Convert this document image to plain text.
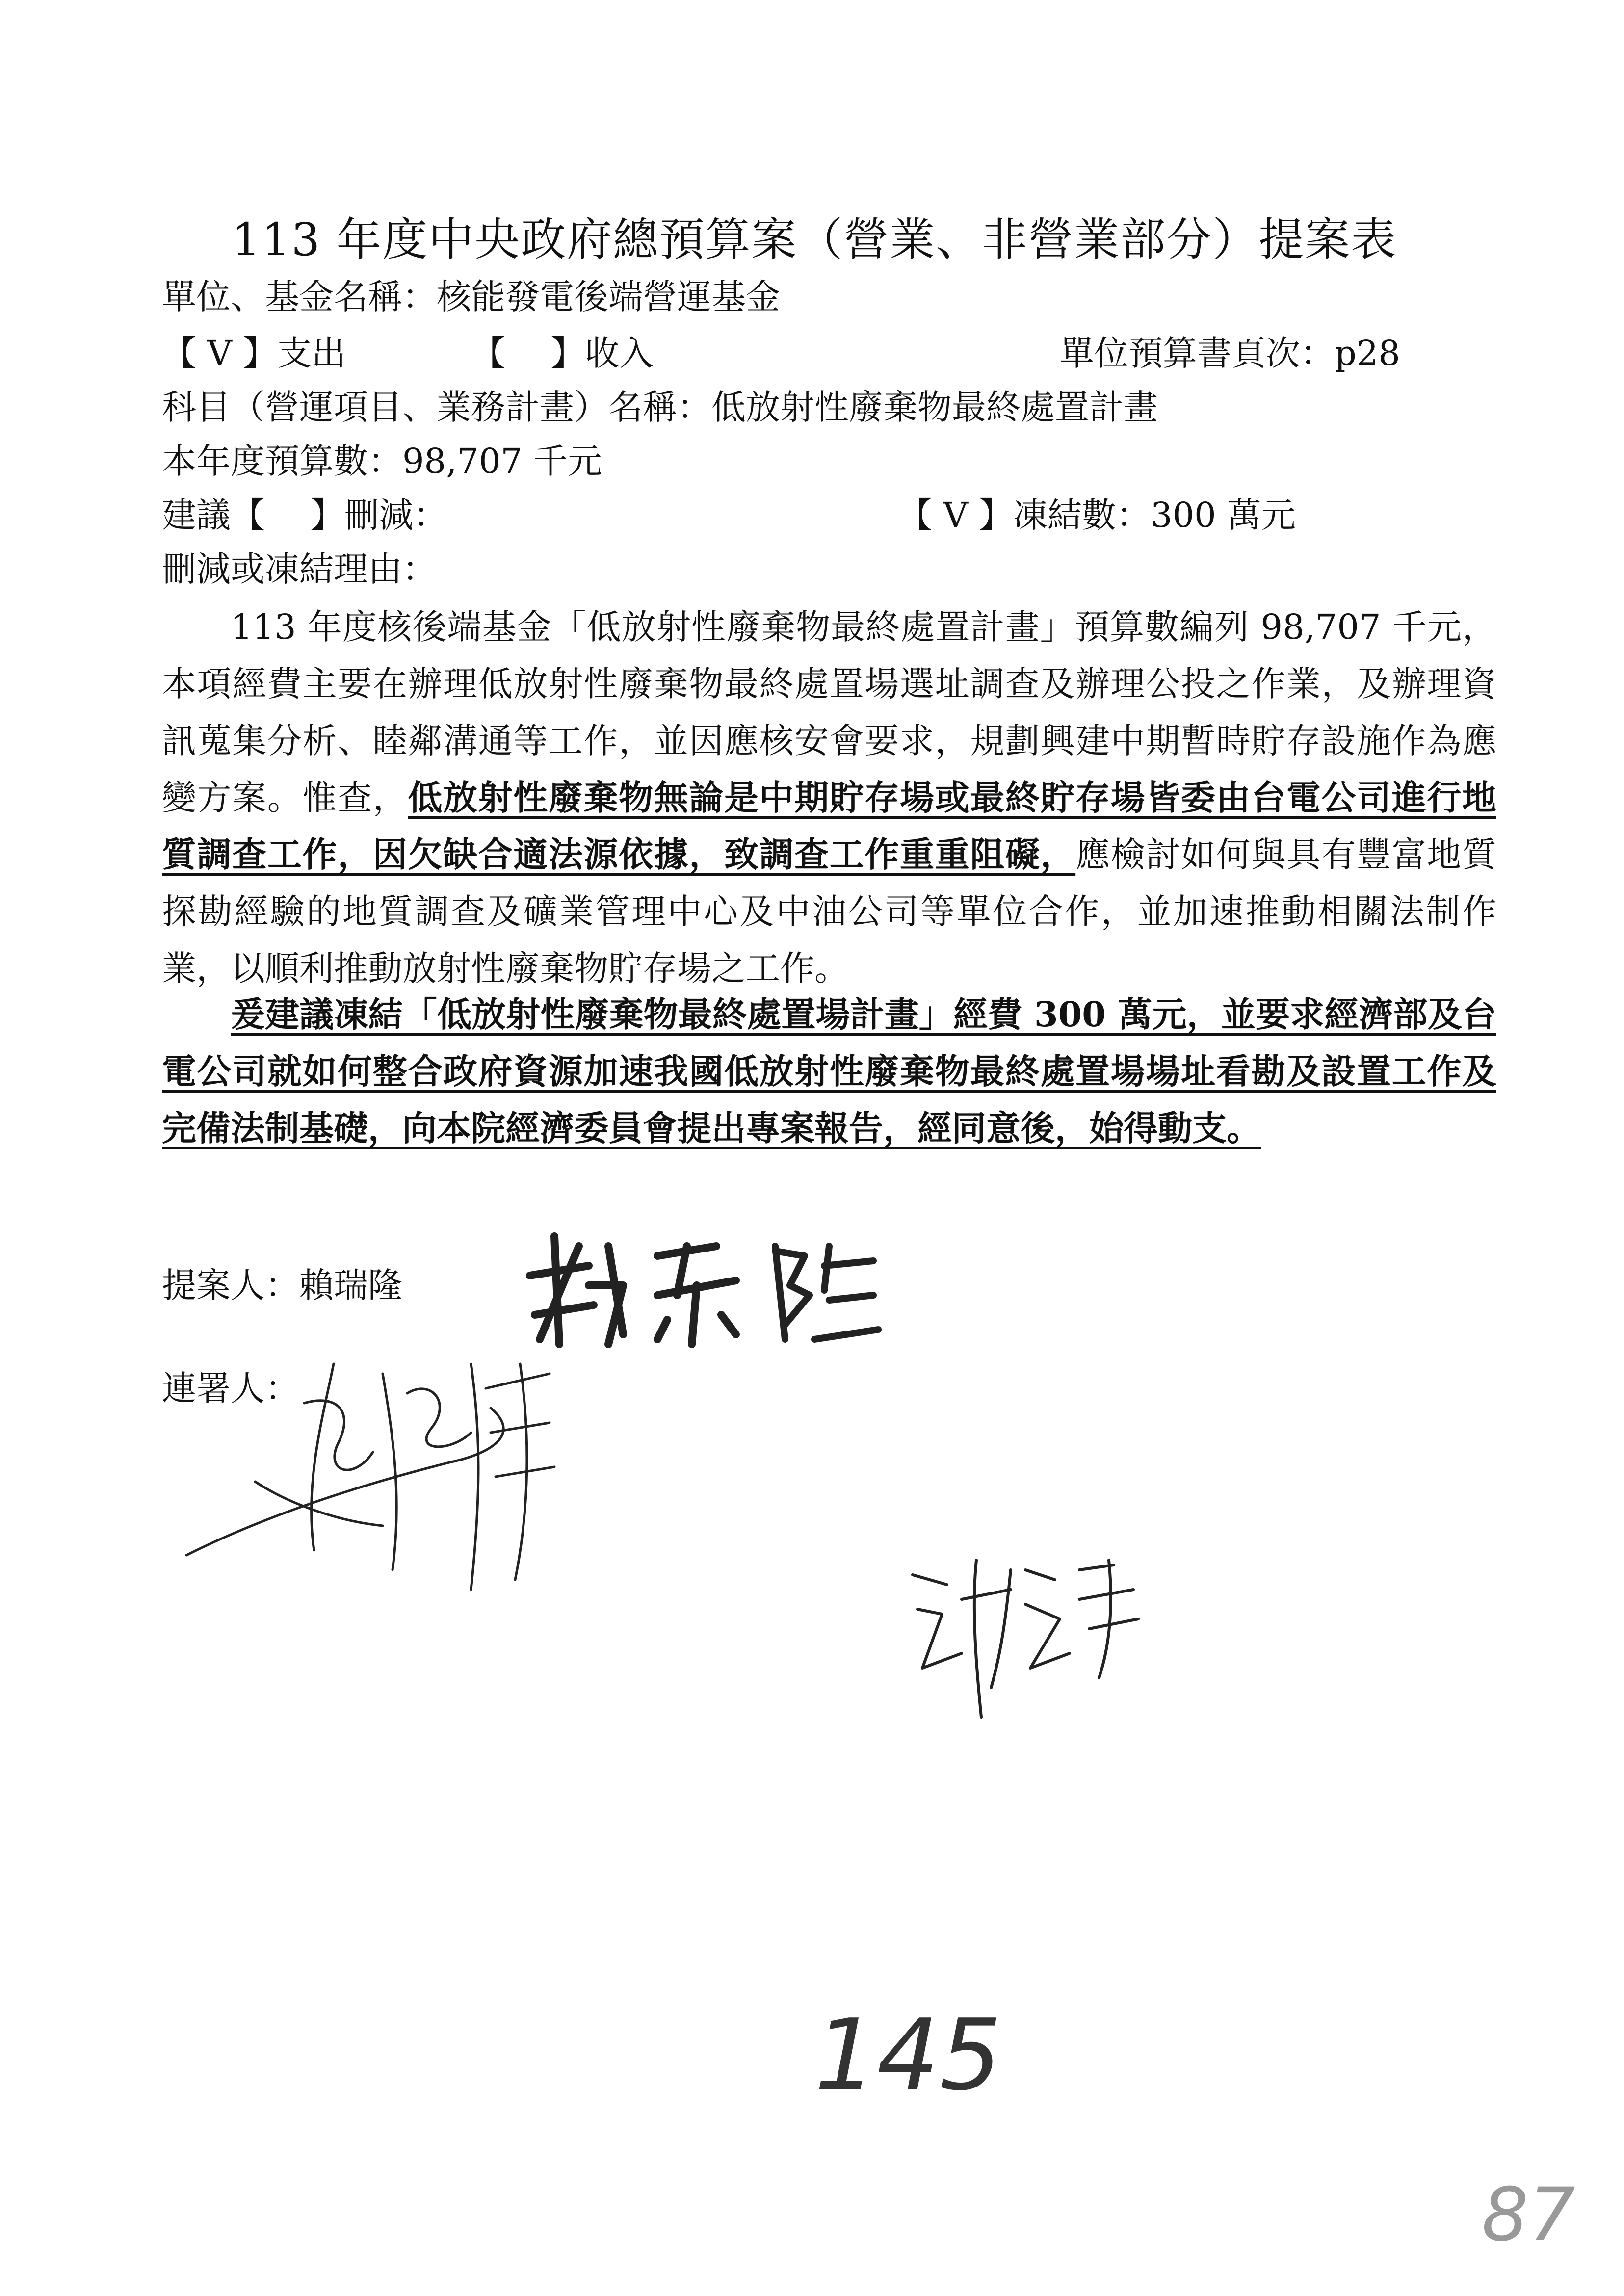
113 年度中央政府總預算案（營業、非營業部分）提案表
單位、基金名稱：核能發電後端營運基金
【 V 】支出	【　 】收入	單位預算書頁次：p28
科目（營運項目、業務計畫）名稱：低放射性廢棄物最終處置計畫
本年度預算數：98,707 千元
建議【　 】刪減：	【 V 】凍結數：300 萬元
刪減或凍結理由：
113 年度核後端基金「低放射性廢棄物最終處置計畫」預算數編列 98,707 千元，本項經費主要在辦理低放射性廢棄物最終處置場選址調查及辦理公投之作業，及辦理資訊蒐集分析、睦鄰溝通等工作，並因應核安會要求，規劃興建中期暫時貯存設施作為應變方案。惟查，低放射性廢棄物無論是中期貯存場或最終貯存場皆委由台電公司進行地質調查工作，因欠缺合適法源依據，致調查工作重重阻礙，應檢討如何與具有豐富地質探勘經驗的地質調查及礦業管理中心及中油公司等單位合作，並加速推動相關法制作業，以順利推動放射性廢棄物貯存場之工作。
爰建議凍結「低放射性廢棄物最終處置場計畫」經費 300 萬元，並要求經濟部及台電公司就如何整合政府資源加速我國低放射性廢棄物最終處置場場址看勘及設置工作及完備法制基礎，向本院經濟委員會提出專案報告，經同意後，始得動支。
提案人：賴瑞隆
連署人：
145
87
